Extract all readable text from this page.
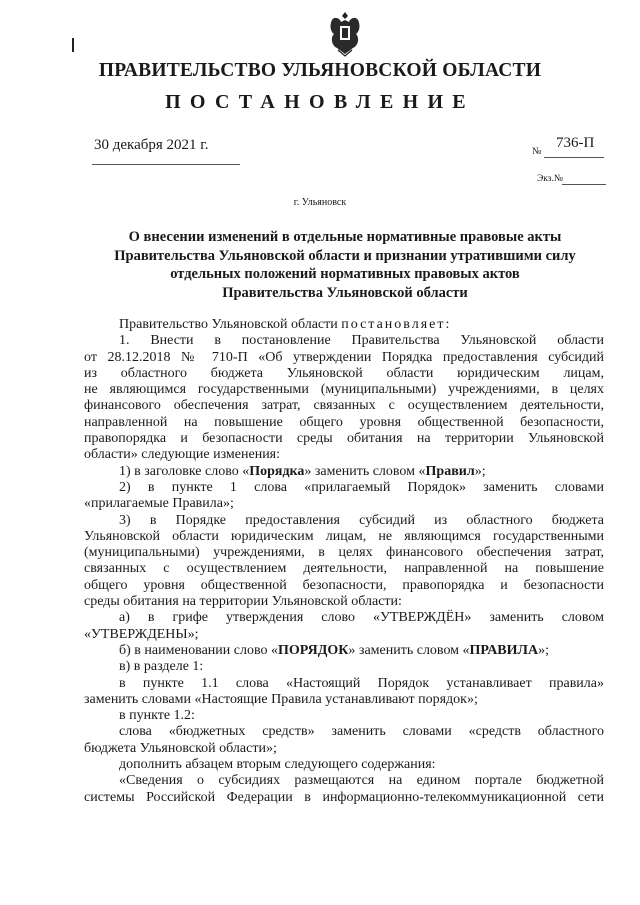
ПРАВИТЕЛЬСТВО УЛЬЯНОВСКОЙ ОБЛАСТИ
ПОСТАНОВЛЕНИЕ
30 декабря 2021 г.	№
736-П
Экз.№
г. Ульяновск
О внесении изменений в отдельные нормативные правовые акты
Правительства Ульяновской области и признании утратившими силу
отдельных положений нормативных правовых актов
Правительства Ульяновской области
Правительство Ульяновской области постановляет:
1. Внести в постановление Правительства Ульяновской области
от 28.12.2018 № 710-П «Об утверждении Порядка предоставления субсидий
из областного бюджета Ульяновской области юридическим лицам,
не являющимся государственными (муниципальными) учреждениями, в целях
финансового обеспечения затрат, связанных с осуществлением деятельности,
направленной на повышение общего уровня общественной безопасности,
правопорядка и безопасности среды обитания на территории Ульяновской
области» следующие изменения:
1) в заголовке слово «Порядка» заменить словом «Правил»;
2) в пункте 1 слова «прилагаемый Порядок» заменить словами
«прилагаемые Правила»;
3) в Порядке предоставления субсидий из областного бюджета
Ульяновской области юридическим лицам, не являющимся государственными
(муниципальными) учреждениями, в целях финансового обеспечения затрат,
связанных с осуществлением деятельности, направленной на повышение
общего уровня общественной безопасности, правопорядка и безопасности
среды обитания на территории Ульяновской области:
а) в грифе утверждения слово «УТВЕРЖДЁН» заменить словом
«УТВЕРЖДЕНЫ»;
б) в наименовании слово «ПОРЯДОК» заменить словом «ПРАВИЛА»;
в) в разделе 1:
в пункте 1.1 слова «Настоящий Порядок устанавливает правила»
заменить словами «Настоящие Правила устанавливают порядок»;
в пункте 1.2:
слова «бюджетных средств» заменить словами «средств областного
бюджета Ульяновской области»;
дополнить абзацем вторым следующего содержания:
«Сведения о субсидиях размещаются на едином портале бюджетной
системы Российской Федерации в информационно-телекоммуникационной сети
